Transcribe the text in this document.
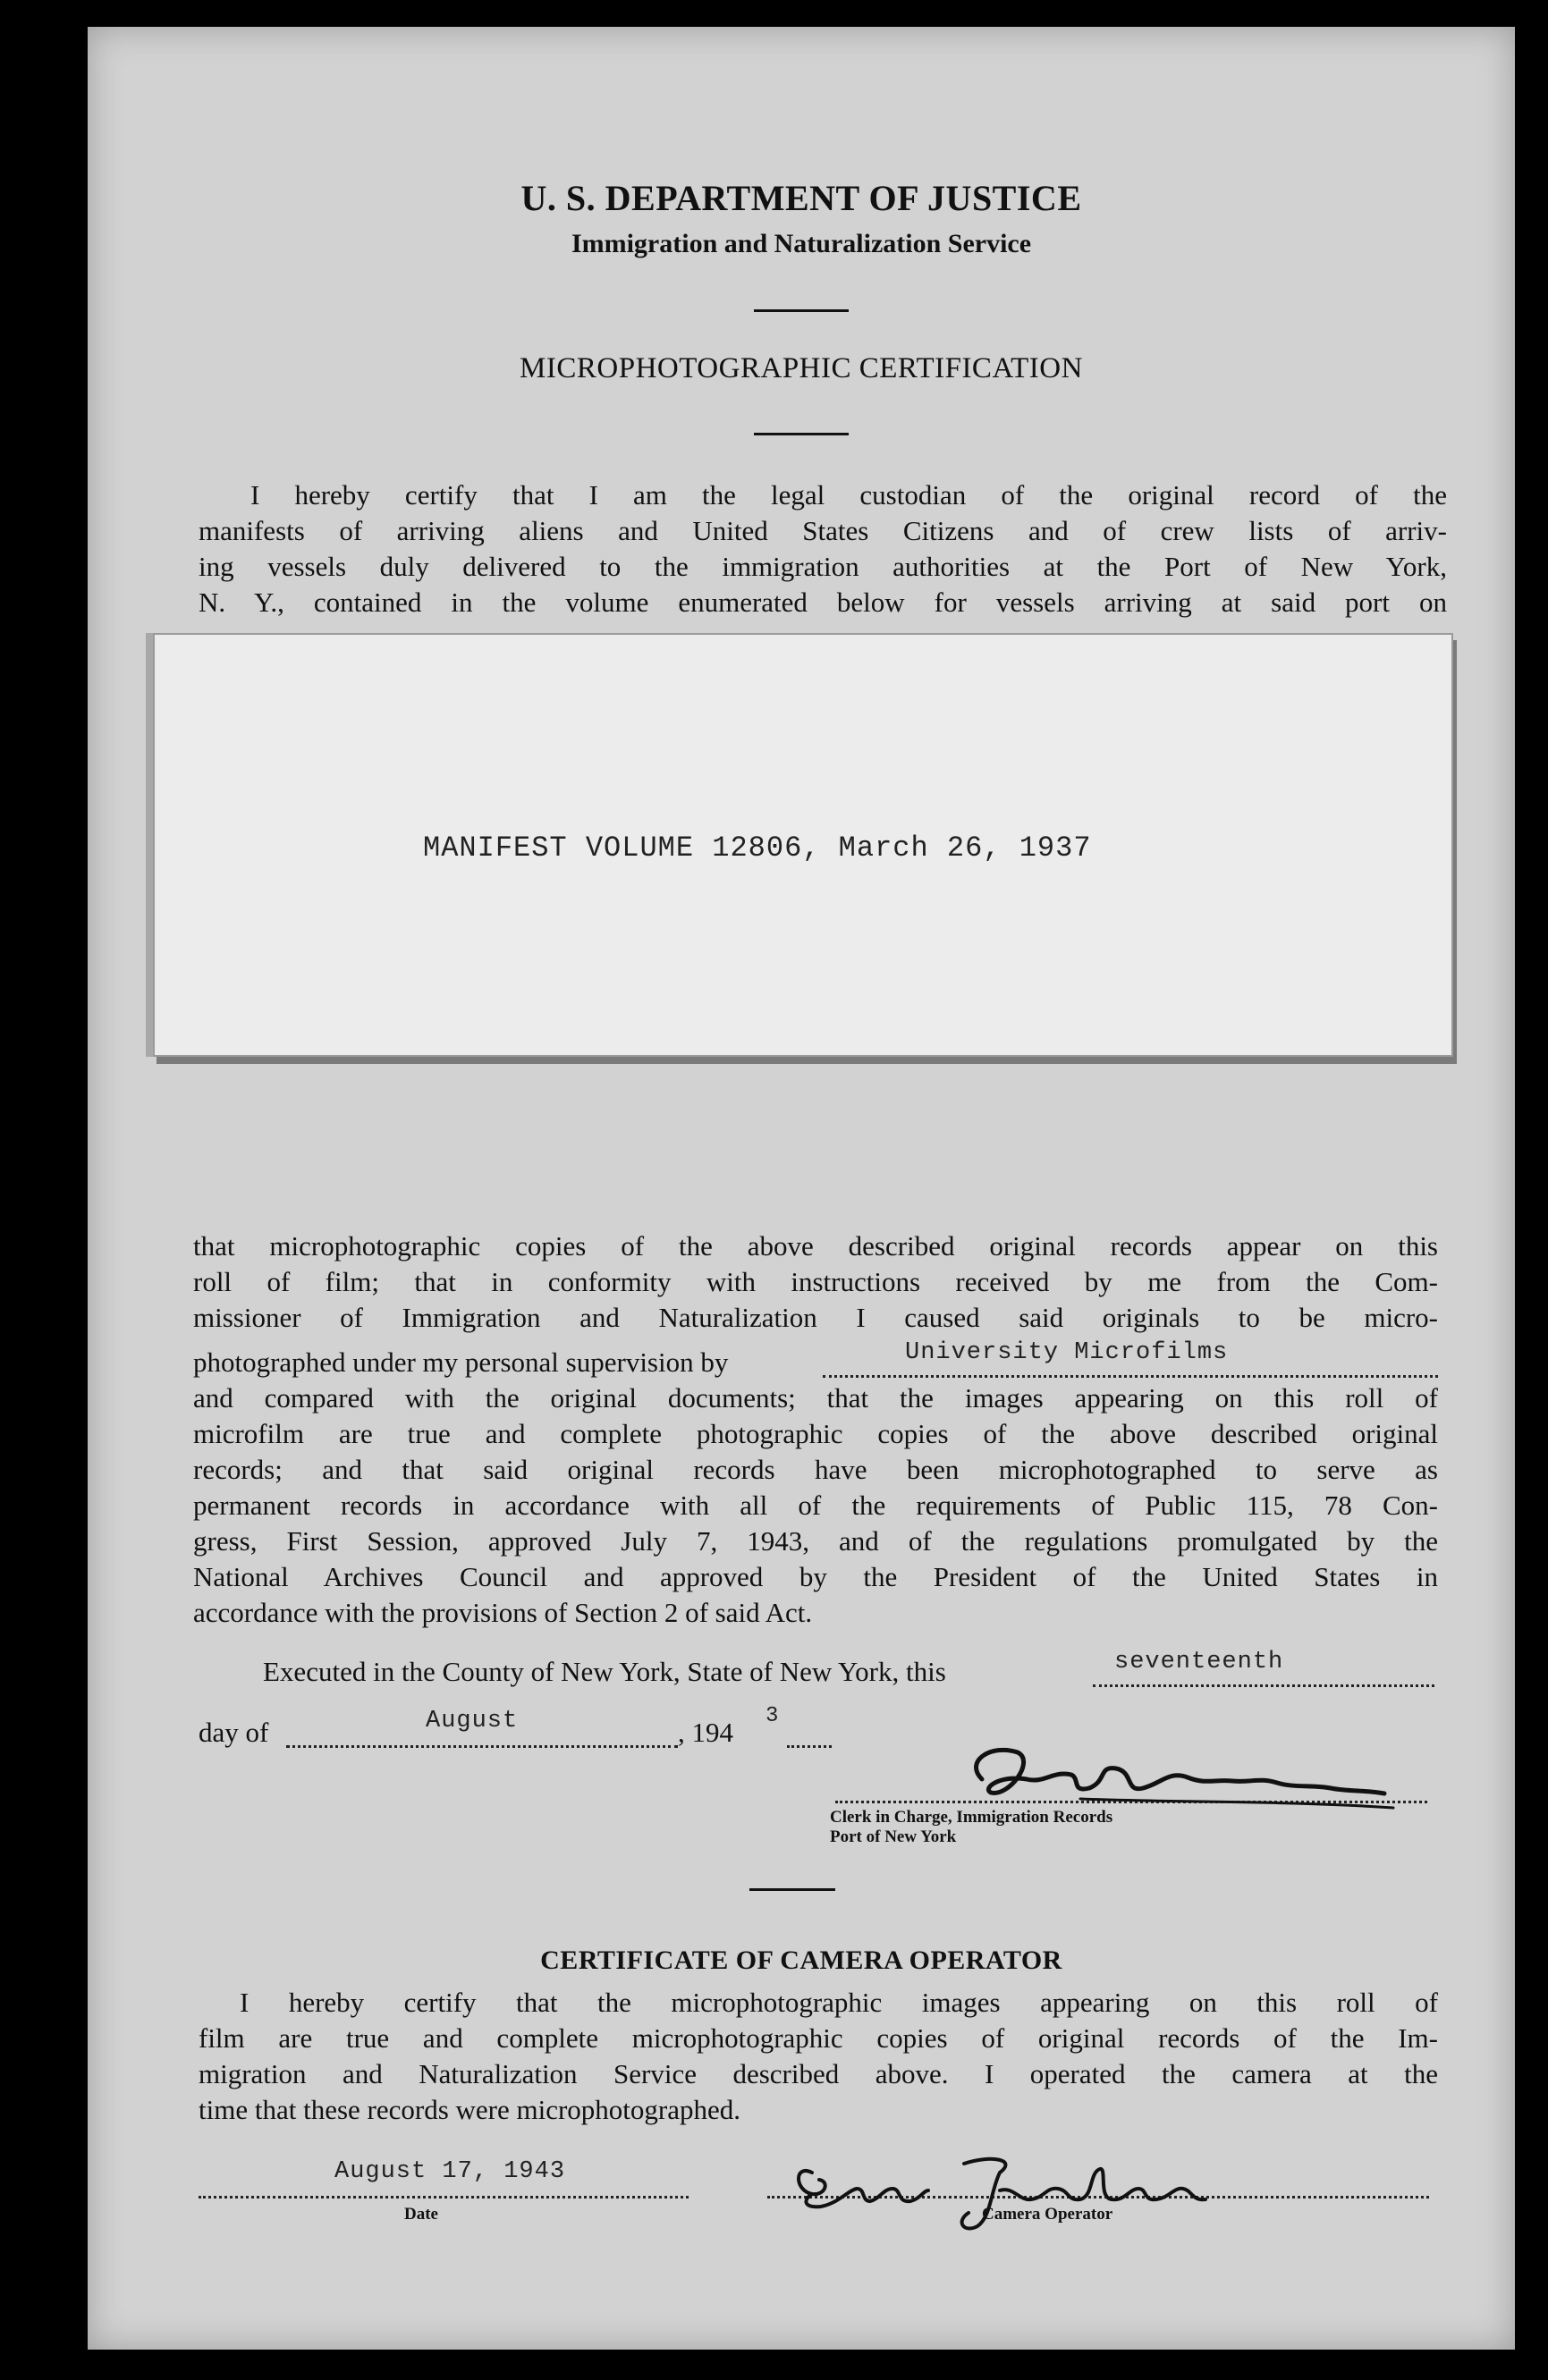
U. S. DEPARTMENT OF JUSTICE
Immigration and Naturalization Service
MICROPHOTOGRAPHIC CERTIFICATION
I hereby certify that I am the legal custodian of the original record of the
manifests of arriving aliens and United States Citizens and of crew lists of arriv-
ing vessels duly delivered to the immigration authorities at the Port of New York,
N. Y., contained in the volume enumerated below for vessels arriving at said port on
MANIFEST VOLUME 12806, March 26, 1937
that microphotographic copies of the above described original records appear on this
roll of film; that in conformity with instructions received by me from the Com-
missioner of Immigration and Naturalization I caused said originals to be micro-
photographed under my personal supervision by	University Microfilms
and compared with the original documents; that the images appearing on this roll of
microfilm are true and complete photographic copies of the above described original
records; and that said original records have been microphotographed to serve as
permanent records in accordance with all of the requirements of Public 115, 78 Con-
gress, First Session, approved July 7, 1943, and of the regulations promulgated by the
National Archives Council and approved by the President of the United States in
accordance with the provisions of Section 2 of said Act.
Executed in the County of New York, State of New York, this	seventeenth
day of	August	, 194
3
Clerk in Charge, Immigration Records
Port of New York
CERTIFICATE OF CAMERA OPERATOR
I hereby certify that the microphotographic images appearing on this roll of
film are true and complete microphotographic copies of original records of the Im-
migration and Naturalization Service described above. I operated the camera at the
time that these records were microphotographed.
August 17, 1943
Date	Camera Operator
